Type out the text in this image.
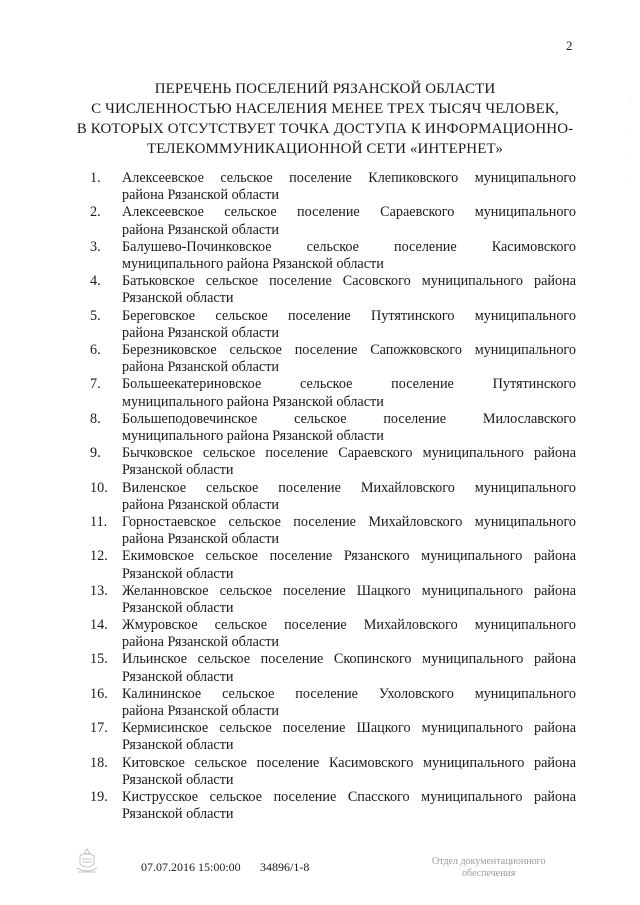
2
ПЕРЕЧЕНЬ ПОСЕЛЕНИЙ РЯЗАНСКОЙ ОБЛАСТИ
С ЧИСЛЕННОСТЬЮ НАСЕЛЕНИЯ МЕНЕЕ ТРЕХ ТЫСЯЧ ЧЕЛОВЕК,
В КОТОРЫХ ОТСУТСТВУЕТ ТОЧКА ДОСТУПА К ИНФОРМАЦИОННО-
ТЕЛЕКОММУНИКАЦИОННОЙ СЕТИ «ИНТЕРНЕТ»
1.	Алексеевское сельское поселение Клепиковского муниципального
района Рязанской области
2.	Алексеевское сельское поселение Сараевского муниципального
района Рязанской области
3.	Балушево-Починковское сельское поселение Касимовского
муниципального района Рязанской области
4.	Батьковское сельское поселение Сасовского муниципального района
Рязанской области
5.	Береговское сельское поселение Путятинского муниципального
района Рязанской области
6.	Березниковское сельское поселение Сапожковского муниципального
района Рязанской области
7.	Большеекатериновское сельское поселение Путятинского
муниципального района Рязанской области
8.	Большеподовечинское сельское поселение Милославского
муниципального района Рязанской области
9.	Бычковское сельское поселение Сараевского муниципального района
Рязанской области
10.	Виленское сельское поселение Михайловского муниципального
района Рязанской области
11.	Горностаевское сельское поселение Михайловского муниципального
района Рязанской области
12.	Екимовское сельское поселение Рязанского муниципального района
Рязанской области
13.	Желанновское сельское поселение Шацкого муниципального района
Рязанской области
14.	Жмуровское сельское поселение Михайловского муниципального
района Рязанской области
15.	Ильинское сельское поселение Скопинского муниципального района
Рязанской области
16.	Калининское сельское поселение Ухоловского муниципального
района Рязанской области
17.	Кермисинское сельское поселение Шацкого муниципального района
Рязанской области
18.	Китовское сельское поселение Касимовского муниципального района
Рязанской области
19.	Киструсское сельское поселение Спасского муниципального района
Рязанской области
·
·
·
·
07.07.2016 15:00:00 34896/1-8	Отдел документационного
обеспечения
